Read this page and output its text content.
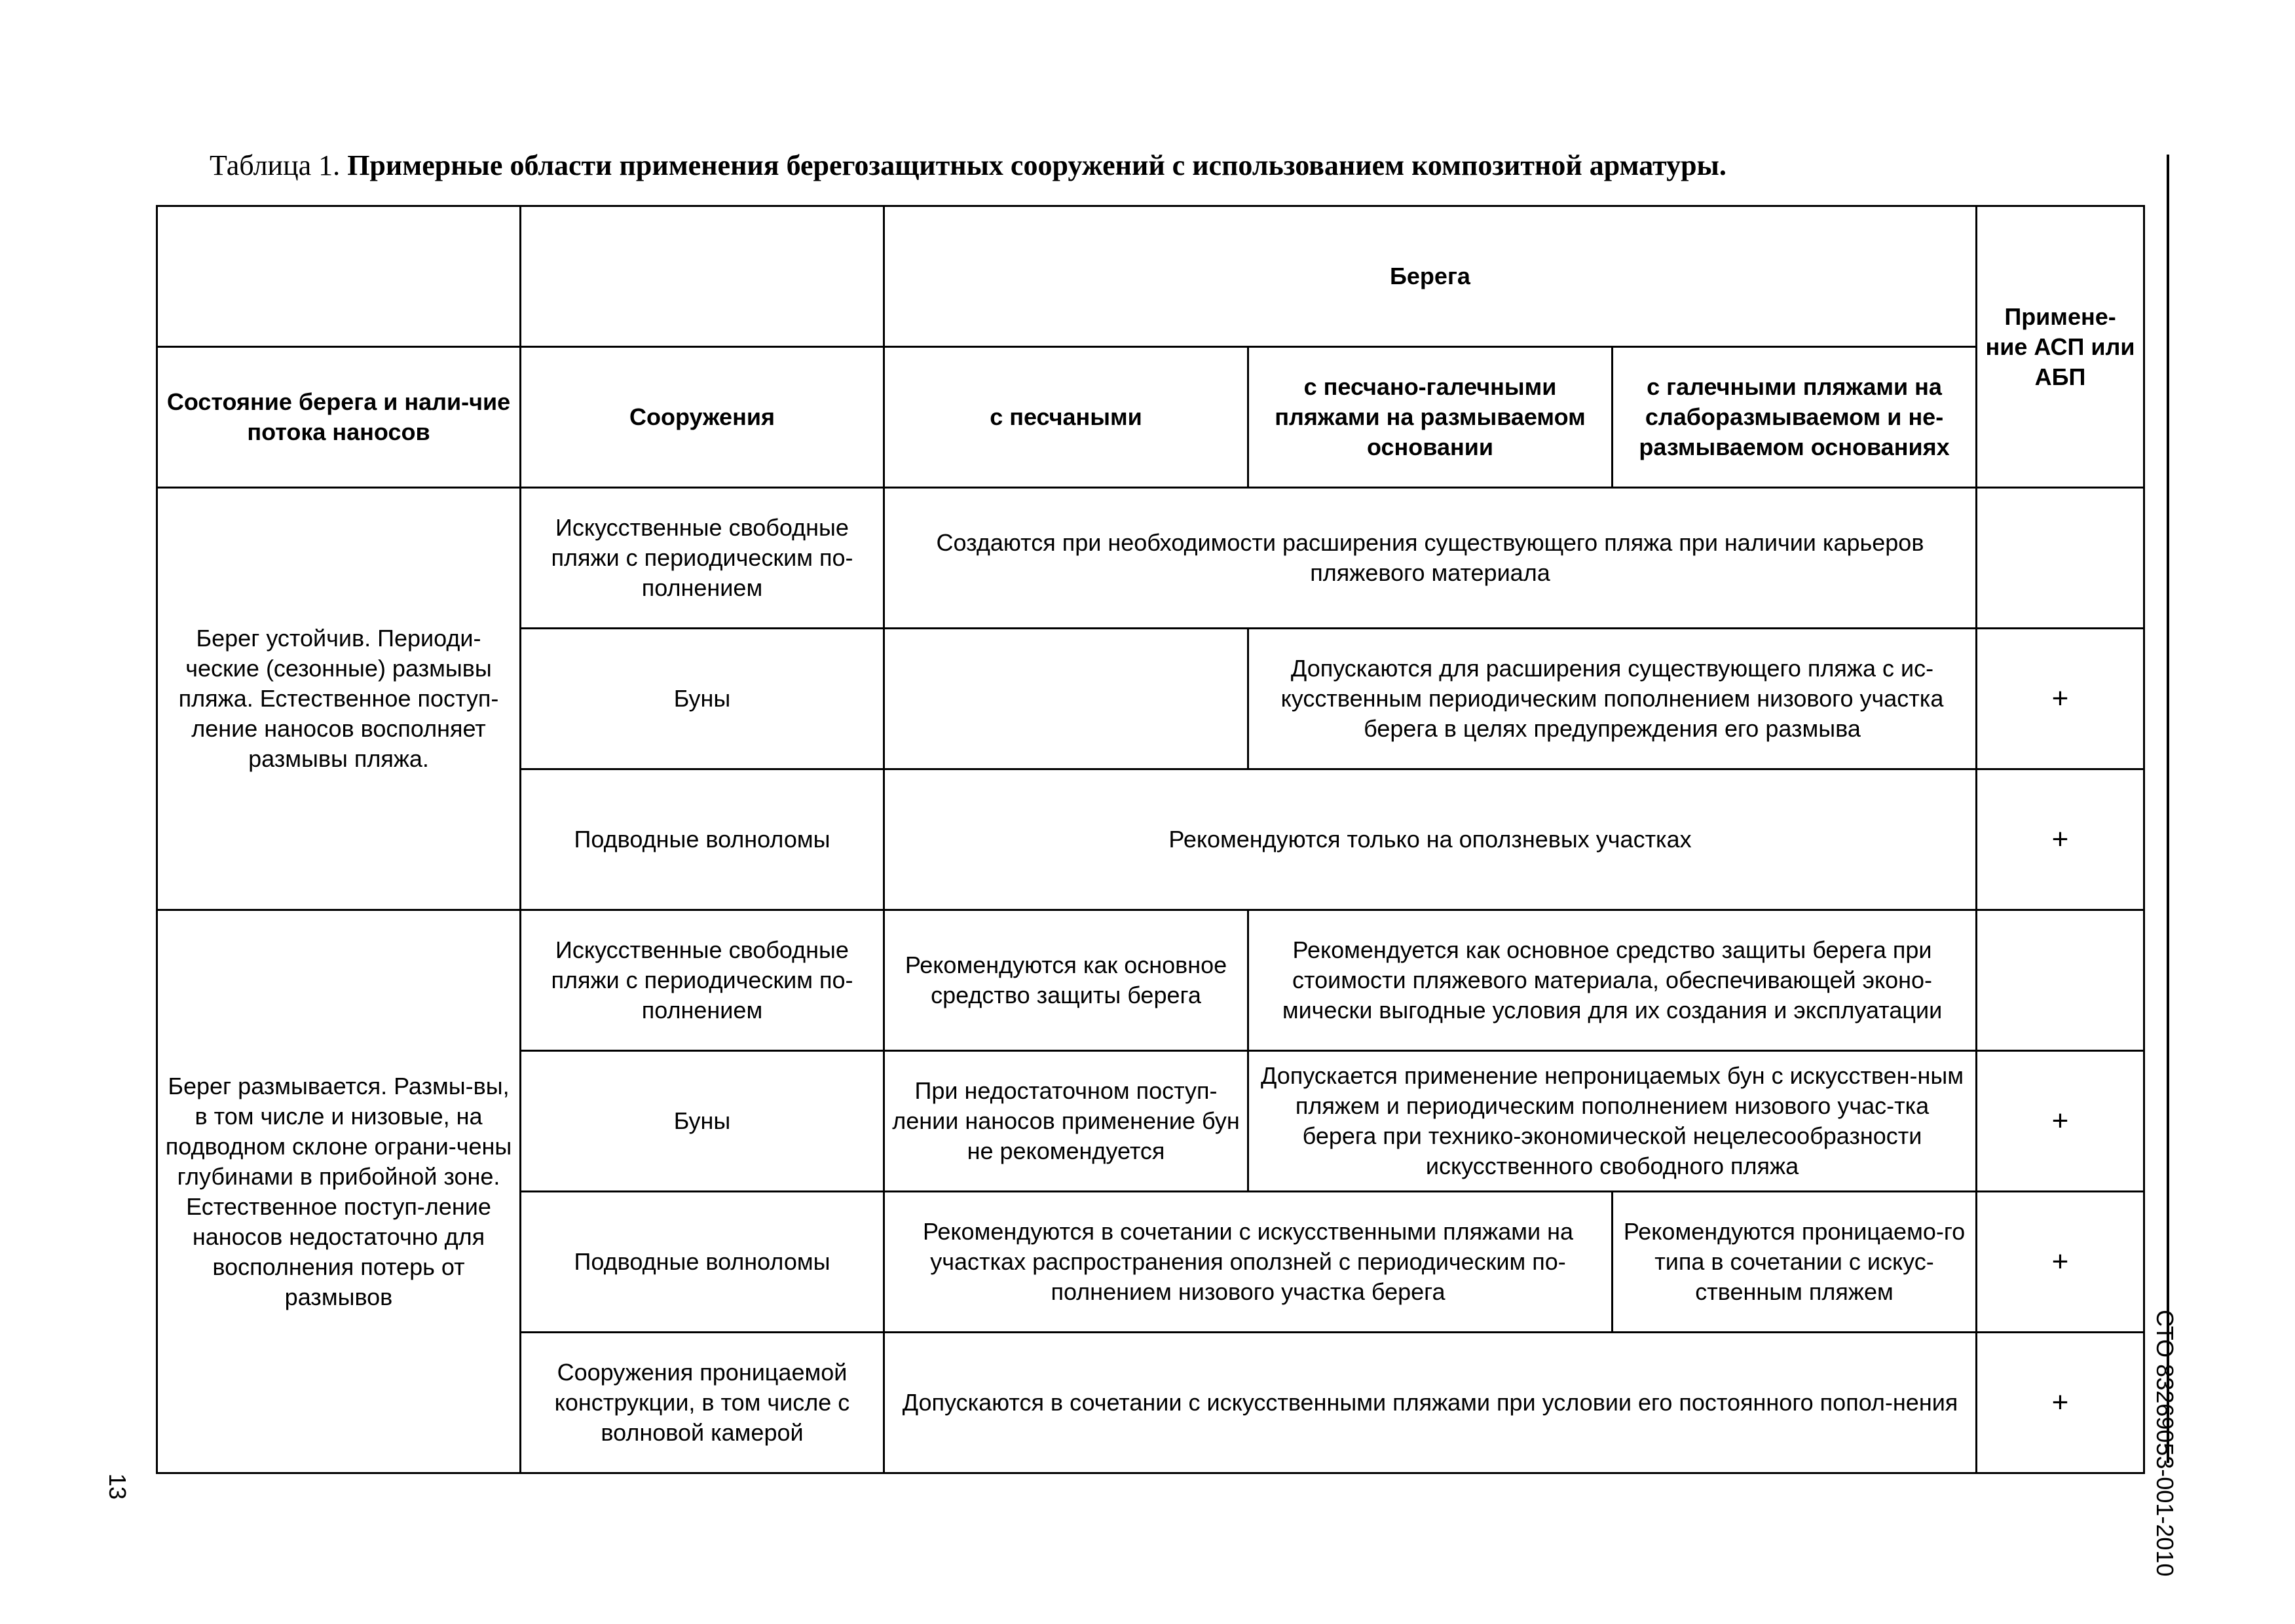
Таблица 1. Примерные области применения берегозащитных сооружений с использованием композитной арматуры.
СТО 83269053-001-2010
13
		Берега			Примене-ние АСП или АБП
Состояние берега и нали-чие потока наносов	Сооружения	с песчаными	с песчано-галечными пляжами на размываемом основании	с галечными пляжами на слаборазмываемом и не-размываемом основаниях	
Берег устойчив. Периоди-ческие (сезонные) размывы пляжа. Естественное поступ-ление наносов восполняет размывы пляжа.	Искусственные свободные пляжи с периодическим по-полнением	Создаются при необходимости расширения существующего пляжа при наличии карьеров пляжевого материала			
	Буны		Допускаются для расширения существующего пляжа с ис-кусственным периодическим пополнением низового участка берега в целях предупреждения его размыва		+
	Подводные волноломы	Рекомендуются только на оползневых участках			+
Берег размывается. Размы-вы, в том числе и низовые, на подводном склоне ограни-чены глубинами в прибойной зоне. Естественное поступ-ление наносов недостаточно для восполнения потерь от размывов	Искусственные свободные пляжи с периодическим по-полнением	Рекомендуются как основное средство защиты берега	Рекомендуется как основное средство защиты берега при стоимости пляжевого материала, обеспечивающей эконо-мически выгодные условия для их создания и эксплуатации		
	Буны	При недостаточном поступ-лении наносов применение бун не рекомендуется	Допускается применение непроницаемых бун с искусствен-ным пляжем и периодическим пополнением низового учас-тка берега при технико-экономической нецелесообразности искусственного свободного пляжа		+
	Подводные волноломы	Рекомендуются в сочетании с искусственными пляжами на участках распространения оползней с периодическим по-полнением низового участка берега		Рекомендуются проницаемо-го типа в сочетании с искус-ственным пляжем	+
	Сооружения проницаемой конструкции, в том числе с волновой камерой	Допускаются в сочетании с искусственными пляжами при условии его постоянного попол-нения			+
